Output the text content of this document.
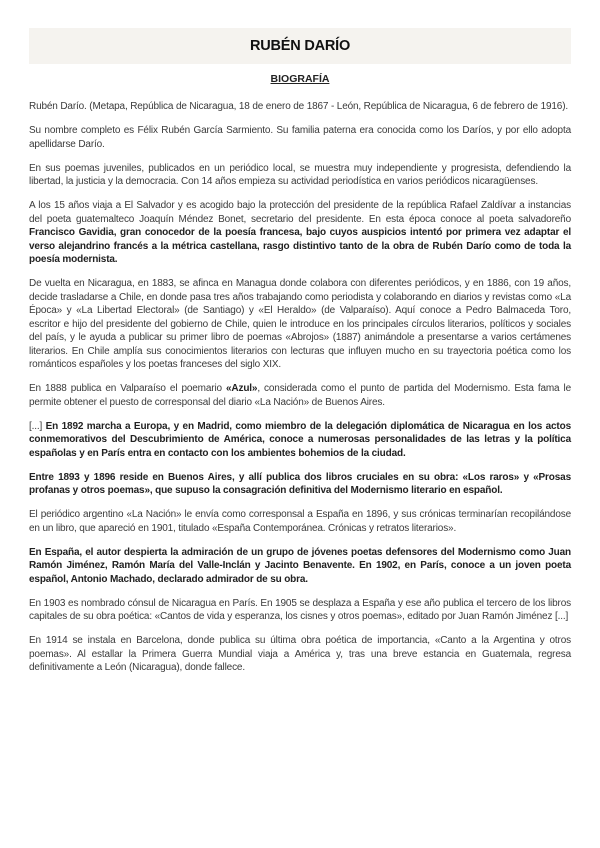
RUBÉN DARÍO
BIOGRAFÍA

Rubén Darío. (Metapa, República de Nicaragua, 18 de enero de 1867 - León, República de Nicaragua, 6 de febrero de 1916).

Su nombre completo es Félix Rubén García Sarmiento. Su familia paterna era conocida como los Daríos, y por ello adopta apellidarse Darío.

En sus poemas juveniles, publicados en un periódico local, se muestra muy independiente y progresista, defendiendo la libertad, la justicia y la democracia. Con 14 años empieza su actividad periodística en varios periódicos nicaragüenses.

A los 15 años viaja a El Salvador y es acogido bajo la protección del presidente de la república Rafael Zaldívar a instancias del poeta guatemalteco Joaquín Méndez Bonet, secretario del presidente. En esta época conoce al poeta salvadoreño Francisco Gavidia, gran conocedor de la poesía francesa, bajo cuyos auspicios intentó por primera vez adaptar el verso alejandrino francés a la métrica castellana, rasgo distintivo tanto de la obra de Rubén Darío como de toda la poesía modernista.

De vuelta en Nicaragua, en 1883, se afinca en Managua donde colabora con diferentes periódicos, y en 1886, con 19 años, decide trasladarse a Chile, en donde pasa tres años trabajando como periodista y colaborando en diarios y revistas como «La Época» y «La Libertad Electoral» (de Santiago) y «El Heraldo» (de Valparaíso). Aquí conoce a Pedro Balmaceda Toro, escritor e hijo del presidente del gobierno de Chile, quien le introduce en los principales círculos literarios, políticos y sociales del país, y le ayuda a publicar su primer libro de poemas «Abrojos» (1887) animándole a presentarse a varios certámenes literarios. En Chile amplía sus conocimientos literarios con lecturas que influyen mucho en su trayectoria poética como los románticos españoles y los poetas franceses del siglo XIX.

En 1888 publica en Valparaíso el poemario «Azul», considerada como el punto de partida del Modernismo. Esta fama le permite obtener el puesto de corresponsal del diario «La Nación» de Buenos Aires.

[...] En 1892 marcha a Europa, y en Madrid, como miembro de la delegación diplomática de Nicaragua en los actos conmemorativos del Descubrimiento de América, conoce a numerosas personalidades de las letras y la política españolas y en París entra en contacto con los ambientes bohemios de la ciudad.

Entre 1893 y 1896 reside en Buenos Aires, y allí publica dos libros cruciales en su obra: «Los raros» y «Prosas profanas y otros poemas», que supuso la consagración definitiva del Modernismo literario en español.

El periódico argentino «La Nación» le envía como corresponsal a España en 1896, y sus crónicas terminarían recopilándose en un libro, que apareció en 1901, titulado «España Contemporánea. Crónicas y retratos literarios».

En España, el autor despierta la admiración de un grupo de jóvenes poetas defensores del Modernismo como Juan Ramón Jiménez, Ramón María del Valle-Inclán y Jacinto Benavente. En 1902, en París, conoce a un joven poeta español, Antonio Machado, declarado admirador de su obra.

En 1903 es nombrado cónsul de Nicaragua en París. En 1905 se desplaza a España y ese año publica el tercero de los libros capitales de su obra poética: «Cantos de vida y esperanza, los cisnes y otros poemas», editado por Juan Ramón Jiménez [...]

En 1914 se instala en Barcelona, donde publica su última obra poética de importancia, «Canto a la Argentina y otros poemas». Al estallar la Primera Guerra Mundial viaja a América y, tras una breve estancia en Guatemala, regresa definitivamente a León (Nicaragua), donde fallece.
